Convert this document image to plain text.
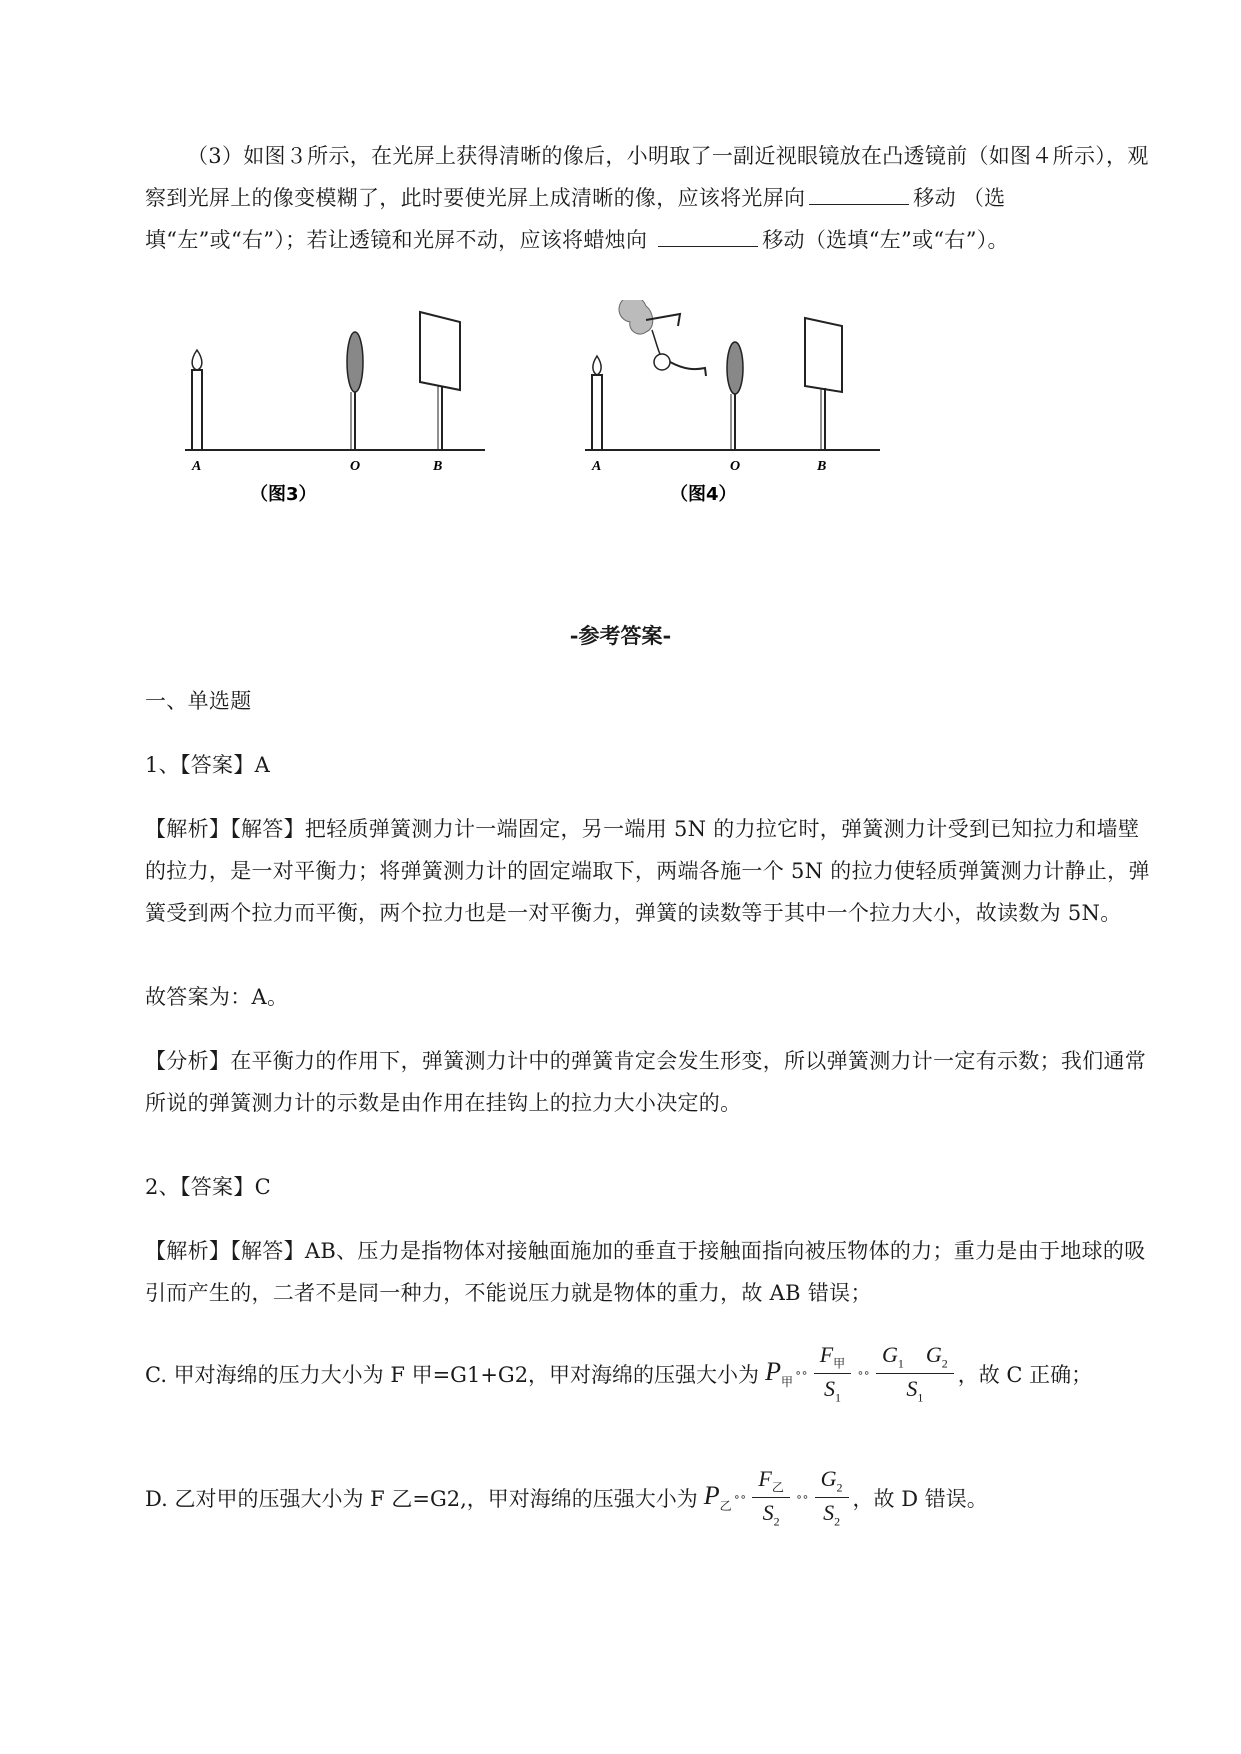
（3）如图３所示，在光屏上获得清晰的像后，小明取了一副近视眼镜放在凸透镜前（如图４所示），观察到光屏上的像变模糊了，此时要使光屏上成清晰的像，应该将光屏向	移动 （选填“左”或“右”）；若让透镜和光屏不动，应该将蜡烛向	移动（选填“左”或“右”）。
A	O	B
（图3）
A	O	B
（图4）
-参考答案-
一、单选题
1、【答案】A
【解析】【解答】把轻质弹簧测力计一端固定，另一端用 5N 的力拉它时，弹簧测力计受到已知拉力和墙壁的拉力，是一对平衡力；将弹簧测力计的固定端取下，两端各施一个 5N 的拉力使轻质弹簧测力计静止，弹簧受到两个拉力而平衡，两个拉力也是一对平衡力，弹簧的读数等于其中一个拉力大小，故读数为 5N。
故答案为：A。
【分析】在平衡力的作用下，弹簧测力计中的弹簧肯定会发生形变，所以弹簧测力计一定有示数；我们通常所说的弹簧测力计的示数是由作用在挂钩上的拉力大小决定的。
2、【答案】C
【解析】【解答】AB、压力是指物体对接触面施加的垂直于接触面指向被压物体的力；重力是由于地球的吸引而产生的，二者不是同一种力，不能说压力就是物体的重力，故 AB 错误；
C. 甲对海绵的压力大小为 F 甲=G1+G2，甲对海绵的压强大小为 $P_甲$
∘∘ $\frac{F_甲}{S_1}$ ∘∘ $\frac{G_1 G_2}{S_1}$ ，故 C 正确；
D. 乙对甲的压强大小为 F 乙=G2,，甲对海绵的压强大小为 $P_乙$
∘∘ $\frac{F_乙}{S_2}$ ∘∘ $\frac{G_2}{S_2}$ ，故 D 错误。
